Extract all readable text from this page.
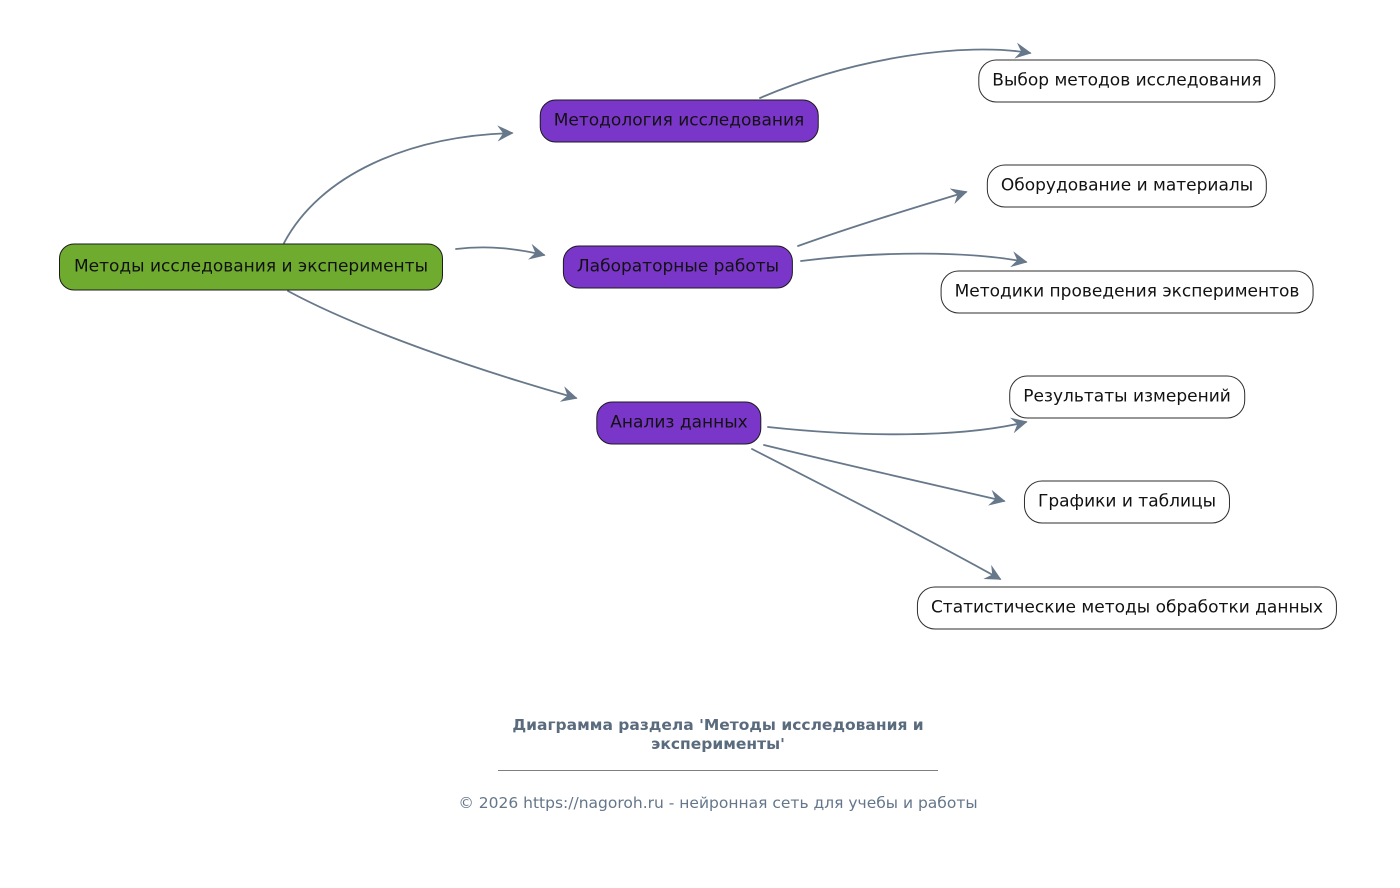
Методы исследования и эксперименты
Методология исследования
Лабораторные работы
Анализ данных
Выбор методов исследования
Оборудование и материалы
Методики проведения экспериментов
Результаты измерений
Графики и таблицы
Статистические методы обработки данных
Диаграмма раздела 'Методы исследования и эксперименты'
© 2026 https://nagoroh.ru - нейронная сеть для учебы и работы
